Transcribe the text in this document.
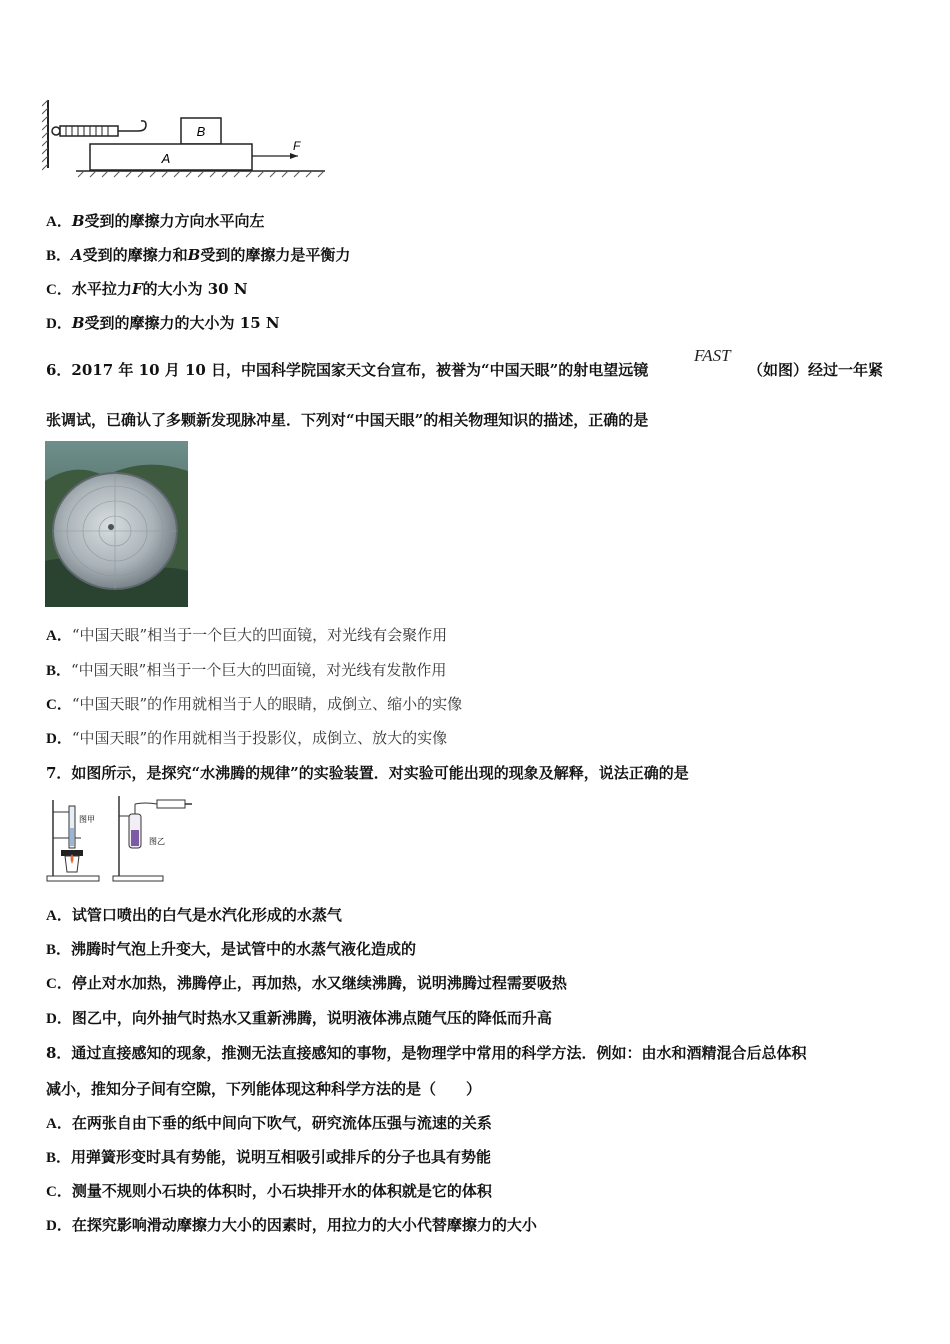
B
A
F
A．B受到的摩擦力方向水平向左
B．A受到的摩擦力和B受到的摩擦力是平衡力
C．水平拉力F的大小为 30 N
D．B受到的摩擦力的大小为 15 N
6．2017 年 10 月 10 日，中国科学院国家天文台宣布，被誉为“中国天眼”的射电望远镜
FAST
（如图）经过一年紧
张调试，已确认了多颗新发现脉冲星．下列对“中国天眼”的相关物理知识的描述，正确的是
A．“中国天眼”相当于一个巨大的凹面镜，对光线有会聚作用
B．“中国天眼”相当于一个巨大的凹面镜，对光线有发散作用
C．“中国天眼”的作用就相当于人的眼睛，成倒立、缩小的实像
D．“中国天眼”的作用就相当于投影仪，成倒立、放大的实像
7．如图所示，是探究“水沸腾的规律”的实验装置．对实验可能出现的现象及解释，说法正确的是
图甲
图乙
A．试管口喷出的白气是水汽化形成的水蒸气
B．沸腾时气泡上升变大，是试管中的水蒸气液化造成的
C．停止对水加热，沸腾停止，再加热，水又继续沸腾，说明沸腾过程需要吸热
D．图乙中，向外抽气时热水又重新沸腾，说明液体沸点随气压的降低而升高
8．通过直接感知的现象，推测无法直接感知的事物，是物理学中常用的科学方法．例如：由水和酒精混合后总体积
减小，推知分子间有空隙，下列能体现这种科学方法的是（　　）
A．在两张自由下垂的纸中间向下吹气，研究流体压强与流速的关系
B．用弹簧形变时具有势能，说明互相吸引或排斥的分子也具有势能
C．测量不规则小石块的体积时，小石块排开水的体积就是它的体积
D．在探究影响滑动摩擦力大小的因素时，用拉力的大小代替摩擦力的大小
